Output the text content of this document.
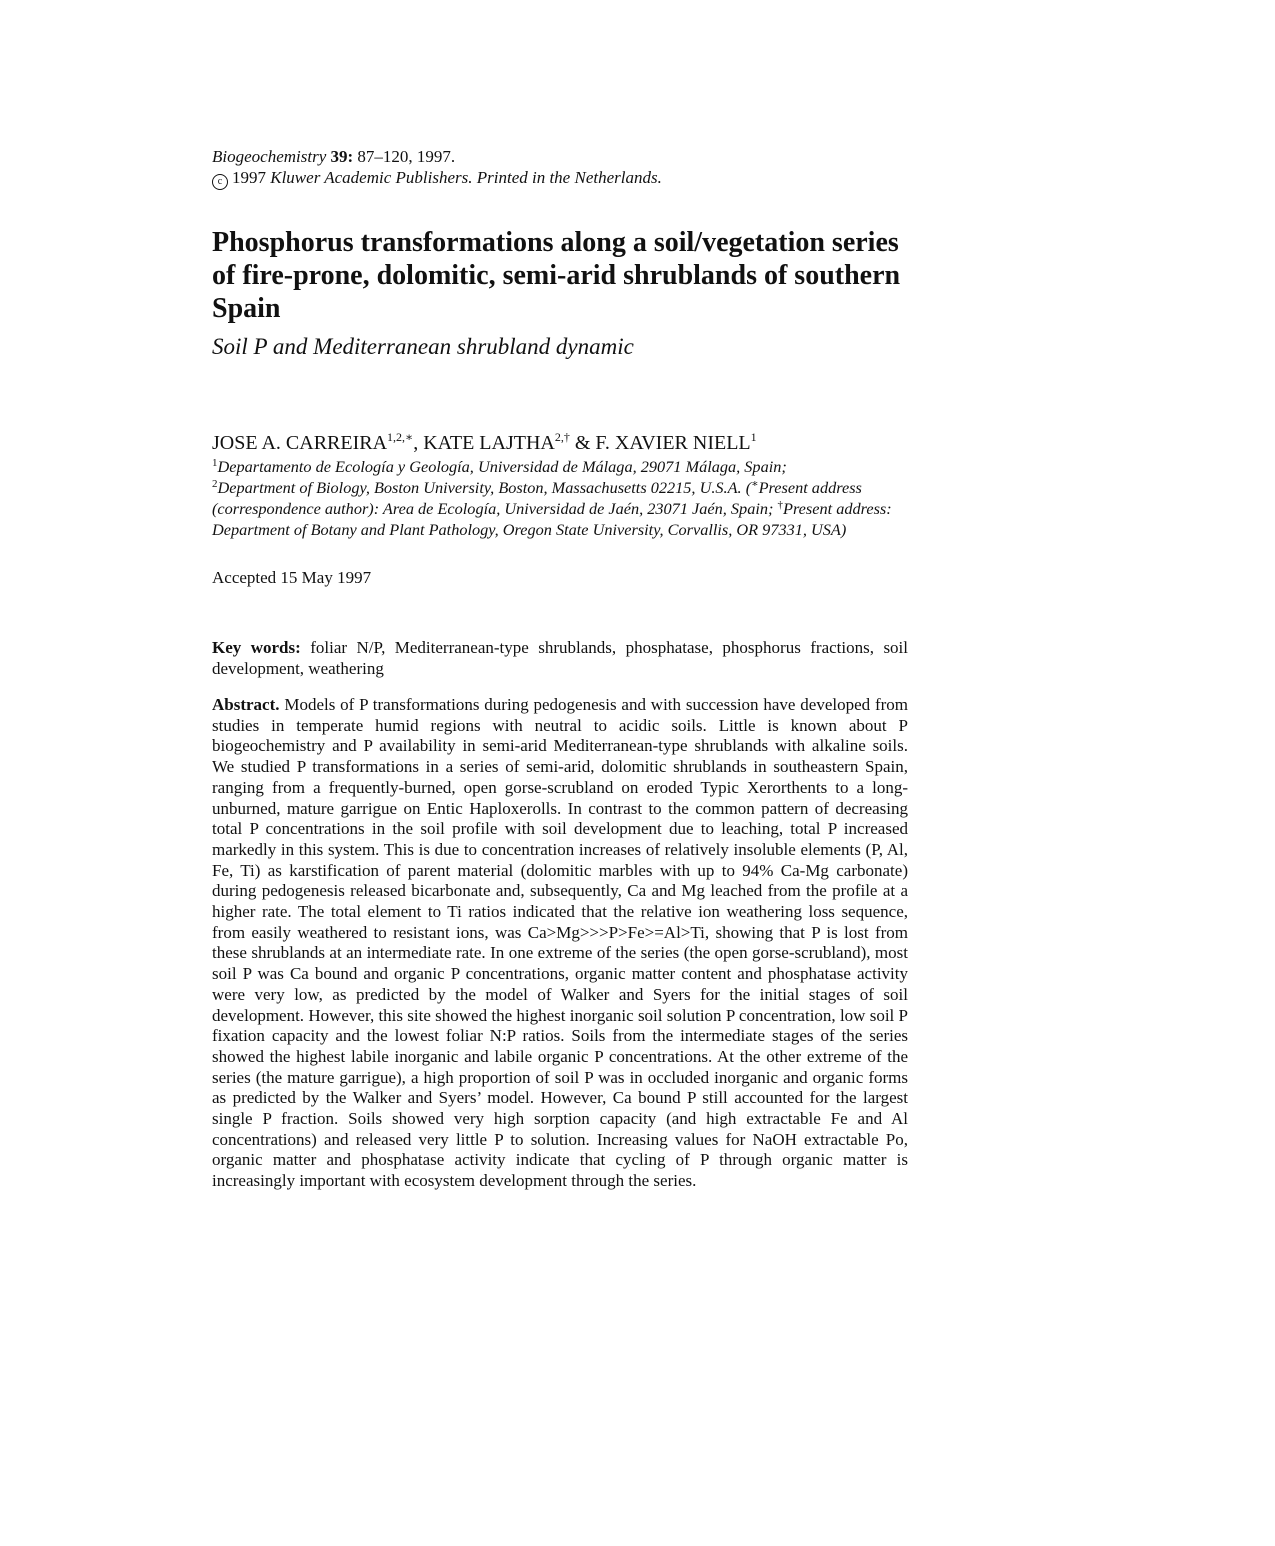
Biogeochemistry 39: 87–120, 1997.

c 1997 Kluwer Academic Publishers. Printed in the Netherlands.

Phosphorus transformations along a soil/vegetation series of fire-prone, dolomitic, semi-arid shrublands of southern Spain

Soil P and Mediterranean shrubland dynamic

JOSE A. $CARREIRA^{1,2,∗}$, KATE $LAJTHA^{2,\dagger}$ & F. XAVIER NIELL$^1$

$^1$Departamento de Ecología y Geología, Universidad de Málaga, 29071 Málaga, Spain;
$^2$Department of Biology, Boston University, Boston, Massachusetts 02215, U.S.A. (∗Present address (correspondence author): Area de Ecología, Universidad de Jaén, 23071 Jaén, Spain; †Present address: Department of Botany and Plant Pathology, Oregon State University, Corvallis, OR 97331, USA)

Accepted 15 May 1997

Key words: foliar N/P, Mediterranean-type shrublands, phosphatase, phosphorus fractions, soil development, weathering

Abstract. Models of P transformations during pedogenesis and with succession have developed from studies in temperate humid regions with neutral to acidic soils. Little is known about P biogeochemistry and P availability in semi-arid Mediterranean-type shrublands with alkaline soils. We studied P transformations in a series of semi-arid, dolomitic shrublands in southeastern Spain, ranging from a frequently-burned, open gorse-scrubland on eroded Typic Xerorthents to a long-unburned, mature garrigue on Entic Haploxerolls. In contrast to the common pattern of decreasing total P concentrations in the soil profile with soil development due to leaching, total P increased markedly in this system. This is due to concentration increases of relatively insoluble elements (P, Al, Fe, Ti) as karstification of parent material (dolomitic marbles with up to 94% Ca-Mg carbonate) during pedogenesis released bicarbonate and, subsequently, Ca and Mg leached from the profile at a higher rate. The total element to Ti ratios indicated that the relative ion weathering loss sequence, from easily weathered to resistant ions, was Ca>Mg>>>P>Fe>=Al>Ti, showing that P is lost from these shrublands at an intermediate rate. In one extreme of the series (the open gorse-scrubland), most soil P was Ca bound and organic P concentrations, organic matter content and phosphatase activity were very low, as predicted by the model of Walker and Syers for the initial stages of soil development. However, this site showed the highest inorganic soil solution P concentration, low soil P fixation capacity and the lowest foliar N:P ratios. Soils from the intermediate stages of the series showed the highest labile inorganic and labile organic P concentrations. At the other extreme of the series (the mature garrigue), a high proportion of soil P was in occluded inorganic and organic forms as predicted by the Walker and Syers’ model. However, Ca bound P still accounted for the largest single P fraction. Soils showed very high sorption capacity (and high extractable Fe and Al concentrations) and released very little P to solution. Increasing values for NaOH extractable Po, organic matter and phosphatase activity indicate that cycling of P through organic matter is increasingly important with ecosystem development through the series.
